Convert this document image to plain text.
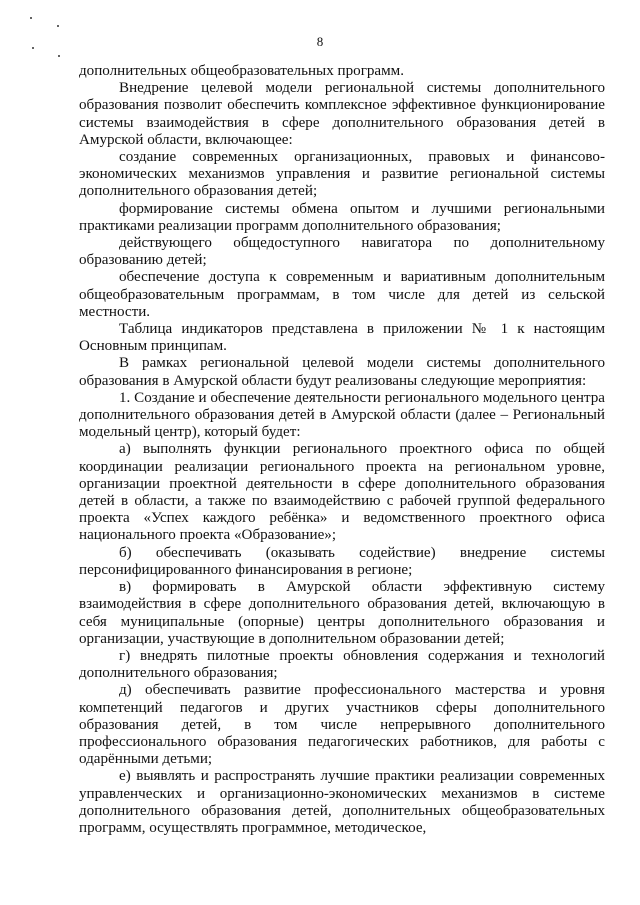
8

дополнительных общеобразовательных программ.

Внедрение целевой модели региональной системы дополнительного образования позволит обеспечить комплексное эффективное функционирование системы взаимодействия в сфере дополнительного образования детей в Амурской области, включающее:

создание современных организационных, правовых и финансово-экономических механизмов управления и развитие региональной системы дополнительного образования детей;

формирование системы обмена опытом и лучшими региональными практиками реализации программ дополнительного образования;

действующего общедоступного навигатора по дополнительному образованию детей;

обеспечение доступа к современным и вариативным дополнительным общеобразовательным программам, в том числе для детей из сельской местности.

Таблица индикаторов представлена в приложении № 1 к настоящим Основным принципам.

В рамках региональной целевой модели системы дополнительного образования в Амурской области будут реализованы следующие мероприятия:

1. Создание и обеспечение деятельности регионального модельного центра дополнительного образования детей в Амурской области (далее – Региональный модельный центр), который будет:

а) выполнять функции регионального проектного офиса по общей координации реализации регионального проекта на региональном уровне, организации проектной деятельности в сфере дополнительного образования детей в области, а также по взаимодействию с рабочей группой федерального проекта «Успех каждого ребёнка» и ведомственного проектного офиса национального проекта «Образование»;

б) обеспечивать (оказывать содействие) внедрение системы персонифицированного финансирования в регионе;

в) формировать в Амурской области эффективную систему взаимодействия в сфере дополнительного образования детей, включающую в себя муниципальные (опорные) центры дополнительного образования и организации, участвующие в дополнительном образовании детей;

г) внедрять пилотные проекты обновления содержания и технологий дополнительного образования;

д) обеспечивать развитие профессионального мастерства и уровня компетенций педагогов и других участников сферы дополнительного образования детей, в том числе непрерывного дополнительного профессионального образования педагогических работников, для работы с одарёнными детьми;

е) выявлять и распространять лучшие практики реализации современных управленческих и организационно-экономических механизмов в системе дополнительного образования детей, дополнительных общеобразовательных программ, осуществлять программное, методическое,
